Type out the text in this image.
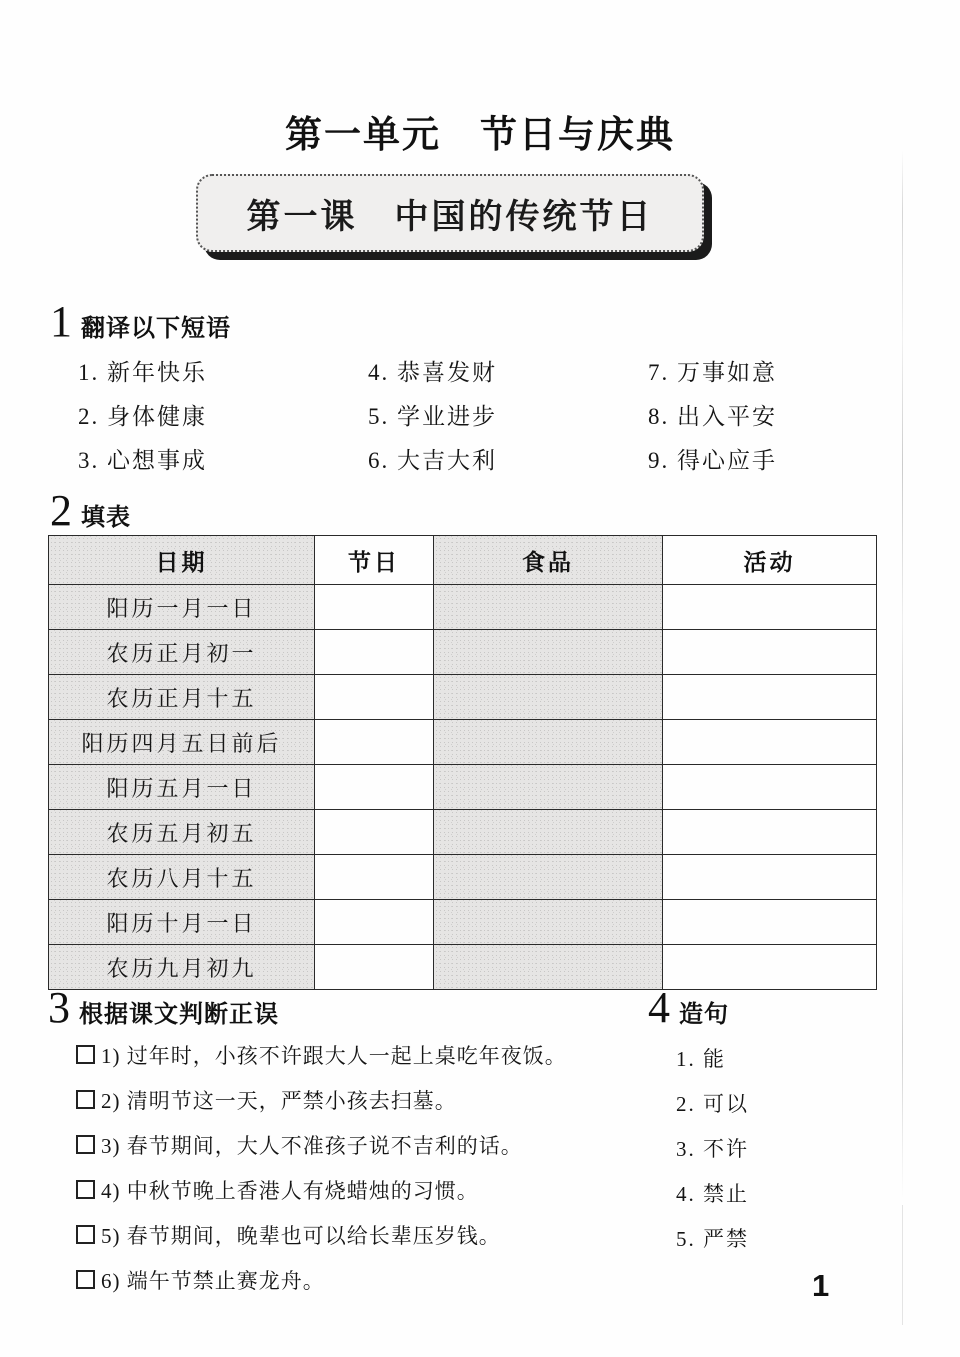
第一单元　节日与庆典
第一课　中国的传统节日
1 翻译以下短语
1. 新年快乐	4. 恭喜发财	7. 万事如意
2. 身体健康	5. 学业进步	8. 出入平安
3. 心想事成	6. 大吉大利	9. 得心应手
2 填表
日期	节日	食品	活动
阳历一月一日			
农历正月初一			
农历正月十五			
阳历四月五日前后			
阳历五月一日			
农历五月初五			
农历八月十五			
阳历十月一日			
农历九月初九			
3 根据课文判断正误
1) 过年时，小孩不许跟大人一起上桌吃年夜饭。
2) 清明节这一天，严禁小孩去扫墓。
3) 春节期间，大人不准孩子说不吉利的话。
4) 中秋节晚上香港人有烧蜡烛的习惯。
5) 春节期间，晚辈也可以给长辈压岁钱。
6) 端午节禁止赛龙舟。
4 造句
1. 能
2. 可以
3. 不许
4. 禁止
5. 严禁
1
